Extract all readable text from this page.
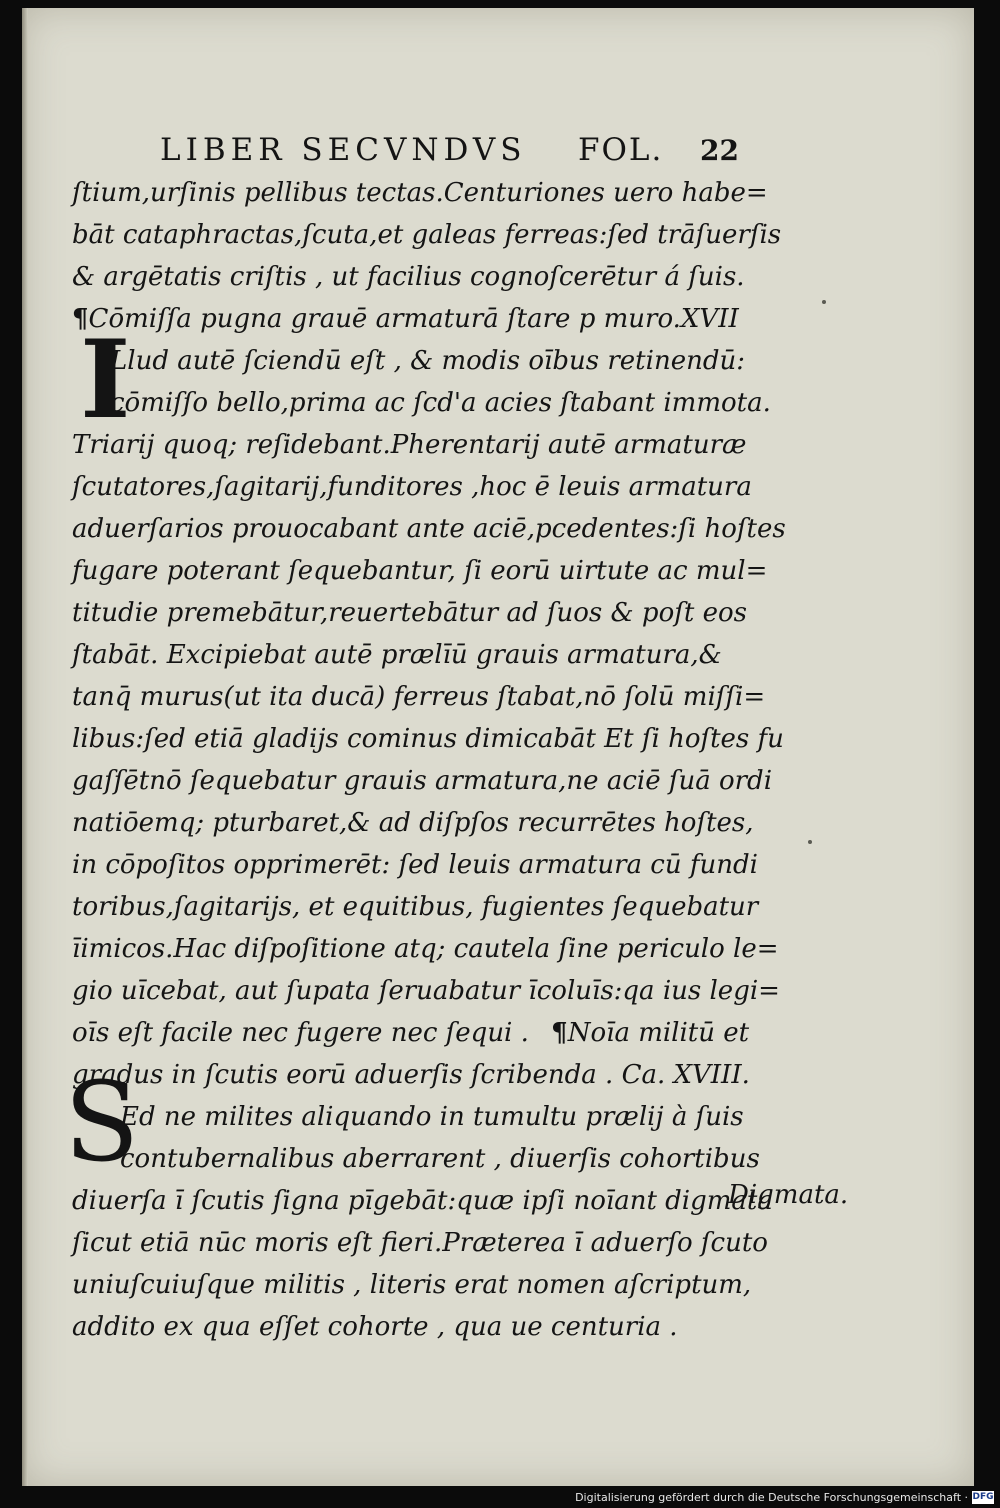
LIBER SECVNDVS FOL. 22
ſtium,urſinis pellibus tectas.Centuriones uero habe=
bāt cataphractas,ſcuta,et galeas ferreas:ſed trāſuerſis
& argētatis criſtis , ut facilius cognoſcerētur á ſuis.
¶Cōmiſſa pugna grauē armaturā ſtare p muro.XVII
Llud autē ſciendū eſt , & modis oībus retinendū:
cōmiſſo bello,prima ac ſcd'a acies ſtabant immota.
Triarij quoq; reſidebant.Pherentarij autē armaturæ
ſcutatores,ſagitarij,funditores ,hoc ē leuis armatura
aduerſarios prouocabant ante aciē,pcedentes:ſi hoſtes
fugare poterant ſequebantur, ſi eorū uirtute ac mul=
titudie premebātur,reuertebātur ad ſuos & poſt eos
ſtabāt. Excipiebat autē prælīū grauis armatura,&
tanq̄ murus(ut ita ducā) ferreus ſtabat,nō ſolū miſſi=
libus:ſed etiā gladijs cominus dimicabāt Et ſi hoſtes fu
gaſſētnō ſequebatur grauis armatura,ne aciē ſuā ordi
natiōemq; pturbaret,& ad diſpſos recurrētes hoſtes,
in cōpoſitos opprimerēt: ſed leuis armatura cū fundi
toribus,ſagitarijs, et equitibus, fugientes ſequebatur
īimicos.Hac diſpoſitione atq; cautela ſine periculo le=
gio uīcebat, aut ſupata ſeruabatur īcoluīs:qa ius legi=
oīs eſt facile nec fugere nec ſequi . ¶Noīa militū et
gradus in ſcutis eorū aduerſis ſcribenda . Ca. XVIII.
Ed ne milites aliquando in tumultu prælij à ſuis
contubernalibus aberrarent , diuerſis cohortibus
diuerſa ī ſcutis ſigna pīgebāt:quæ ipſi noīant digmata
ſicut etiā nūc moris eſt fieri.Præterea ī aduerſo ſcuto
uniuſcuiuſque militis , literis erat nomen aſcriptum,
addito ex qua eſſet cohorte , qua ue centuria .
I
S
Digmata.
Digitalisierung gefördert durch die Deutsche Forschungsgemeinschaft · DFG
